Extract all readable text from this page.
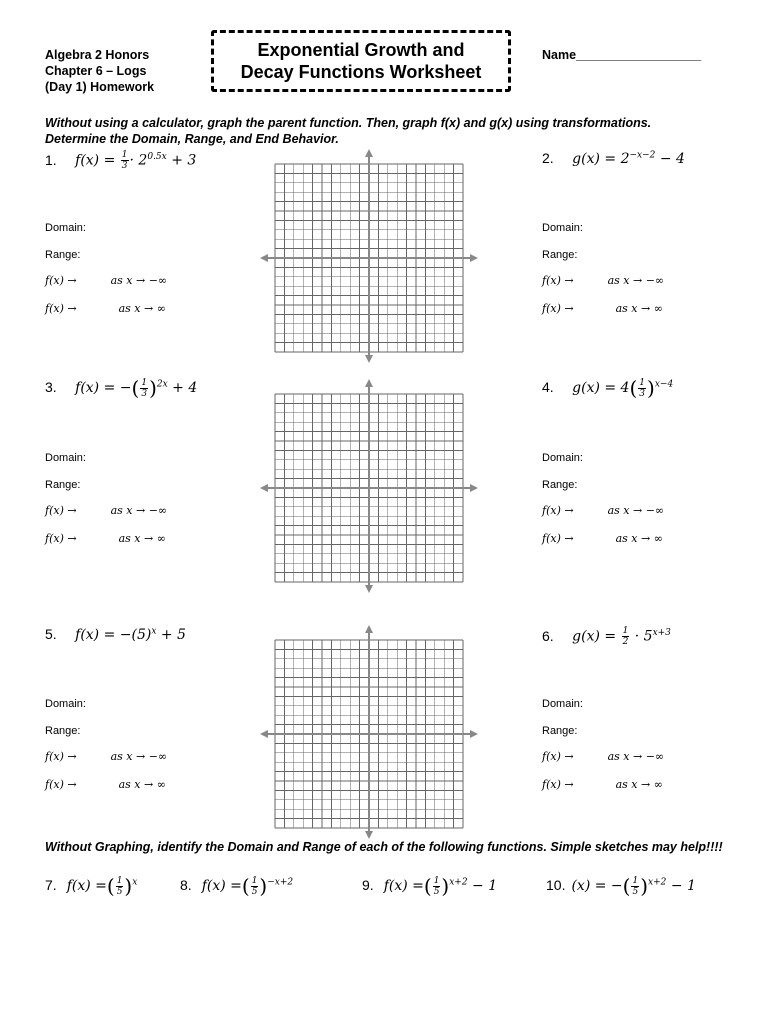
Algebra 2 Honors
Chapter 6 – Logs
(Day 1) Homework
Exponential Growth and
Decay Functions Worksheet
Name__________________
Without using a calculator, graph the parent function. Then, graph f(x) and g(x) using transformations. Determine the Domain, Range, and End Behavior.
1. $f(x) = \frac{1}{3} \cdot 2^{0.5x} + 3$	2. $g(x) = 2^{-x-2} - 4$
3. f(x) = −( $\frac{1}{3} )^{2x} + 4$	4. $g(x) = 4( \frac{1}{3} )^{x-4}$
5. $f(x) = -(5)^x + 5$	6. $g(x) = \frac{1}{2} \cdot 5^{x+3}$
Domain:
Range:
f(x) →	as x → −∞
f(x) →	as x → ∞
Domain:
Range:
f(x) →	as x → −∞
f(x) →	as x → ∞
Domain:
Range:
f(x) →	as x → −∞
f(x) →	as x → ∞
Domain:
Range:
f(x) →	as x → −∞
f(x) →	as x → ∞
Domain:
Range:
f(x) →	as x → −∞
f(x) →	as x → ∞
Domain:
Range:
f(x) →	as x → −∞
f(x) →	as x → ∞
Without Graphing, identify the Domain and Range of each of the following functions. Simple sketches may help!!!!
7. f(x) =( $\frac{1}{5} )^x$	8. f(x) =( $\frac{1}{5} )^{-x+2}$	9. f(x) =( $\frac{1}{5} )^{x+2} - 1$	10. (x) = −( $\frac{1}{5} )^{x+2} - 1$
